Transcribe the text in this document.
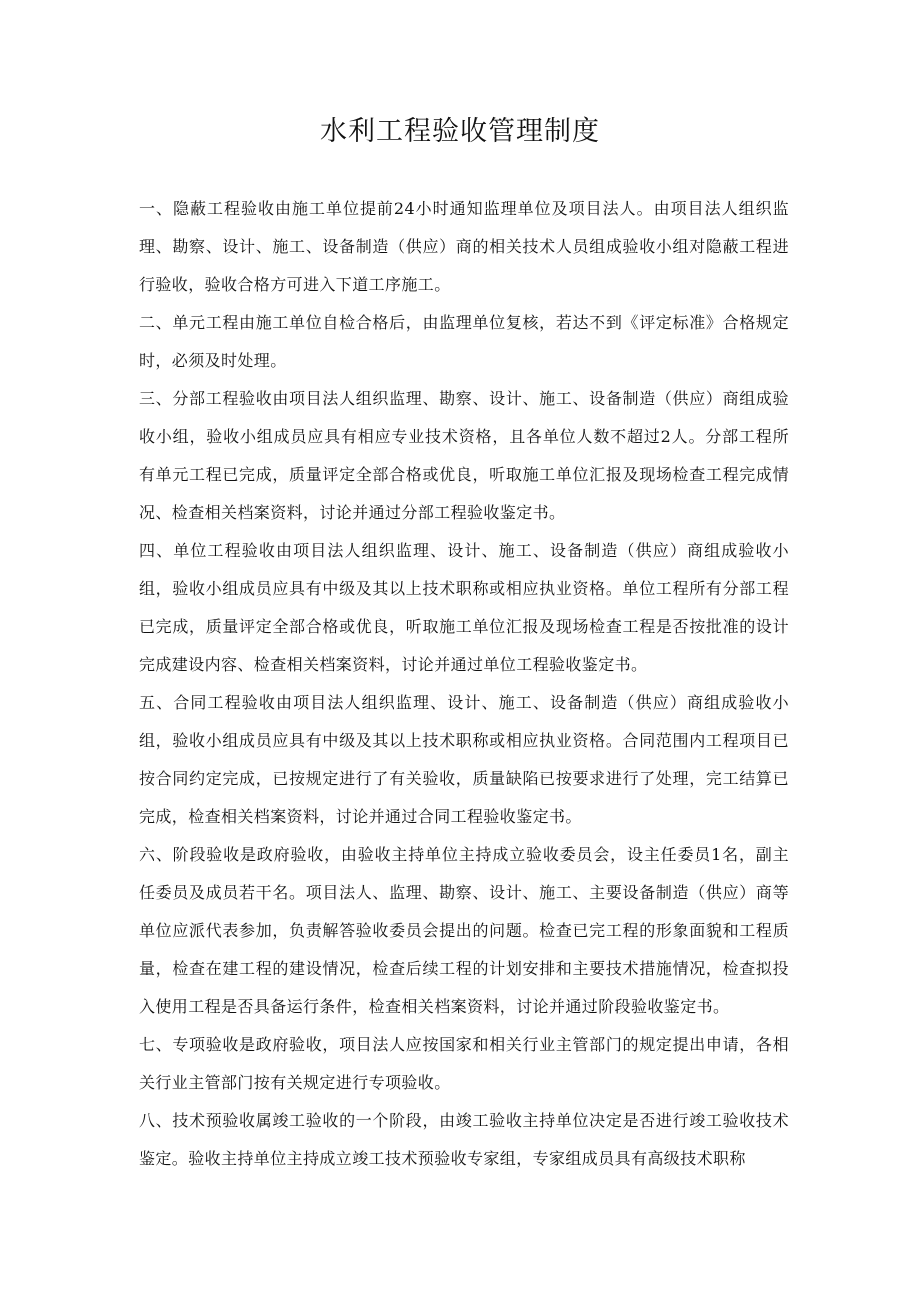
水利工程验收管理制度

一、隐蔽工程验收由施工单位提前24小时通知监理单位及项目法人。由项目法人组织监理、勘察、设计、施工、设备制造（供应）商的相关技术人员组成验收小组对隐蔽工程进行验收，验收合格方可进入下道工序施工。

二、单元工程由施工单位自检合格后，由监理单位复核，若达不到《评定标准》合格规定时，必须及时处理。

三、分部工程验收由项目法人组织监理、勘察、设计、施工、设备制造（供应）商组成验收小组，验收小组成员应具有相应专业技术资格，且各单位人数不超过2人。分部工程所有单元工程已完成，质量评定全部合格或优良，听取施工单位汇报及现场检查工程完成情况、检查相关档案资料，讨论并通过分部工程验收鉴定书。

四、单位工程验收由项目法人组织监理、设计、施工、设备制造（供应）商组成验收小组，验收小组成员应具有中级及其以上技术职称或相应执业资格。单位工程所有分部工程已完成，质量评定全部合格或优良，听取施工单位汇报及现场检查工程是否按批准的设计完成建设内容、检查相关档案资料，讨论并通过单位工程验收鉴定书。

五、合同工程验收由项目法人组织监理、设计、施工、设备制造（供应）商组成验收小组，验收小组成员应具有中级及其以上技术职称或相应执业资格。合同范围内工程项目已按合同约定完成，已按规定进行了有关验收，质量缺陷已按要求进行了处理，完工结算已完成，检查相关档案资料，讨论并通过合同工程验收鉴定书。

六、阶段验收是政府验收，由验收主持单位主持成立验收委员会，设主任委员1名，副主任委员及成员若干名。项目法人、监理、勘察、设计、施工、主要设备制造（供应）商等单位应派代表参加，负责解答验收委员会提出的问题。检查已完工程的形象面貌和工程质量，检查在建工程的建设情况，检查后续工程的计划安排和主要技术措施情况，检查拟投入使用工程是否具备运行条件，检查相关档案资料，讨论并通过阶段验收鉴定书。

七、专项验收是政府验收，项目法人应按国家和相关行业主管部门的规定提出申请，各相关行业主管部门按有关规定进行专项验收。

八、技术预验收属竣工验收的一个阶段，由竣工验收主持单位决定是否进行竣工验收技术鉴定。验收主持单位主持成立竣工技术预验收专家组，专家组成员具有高级技术职称
